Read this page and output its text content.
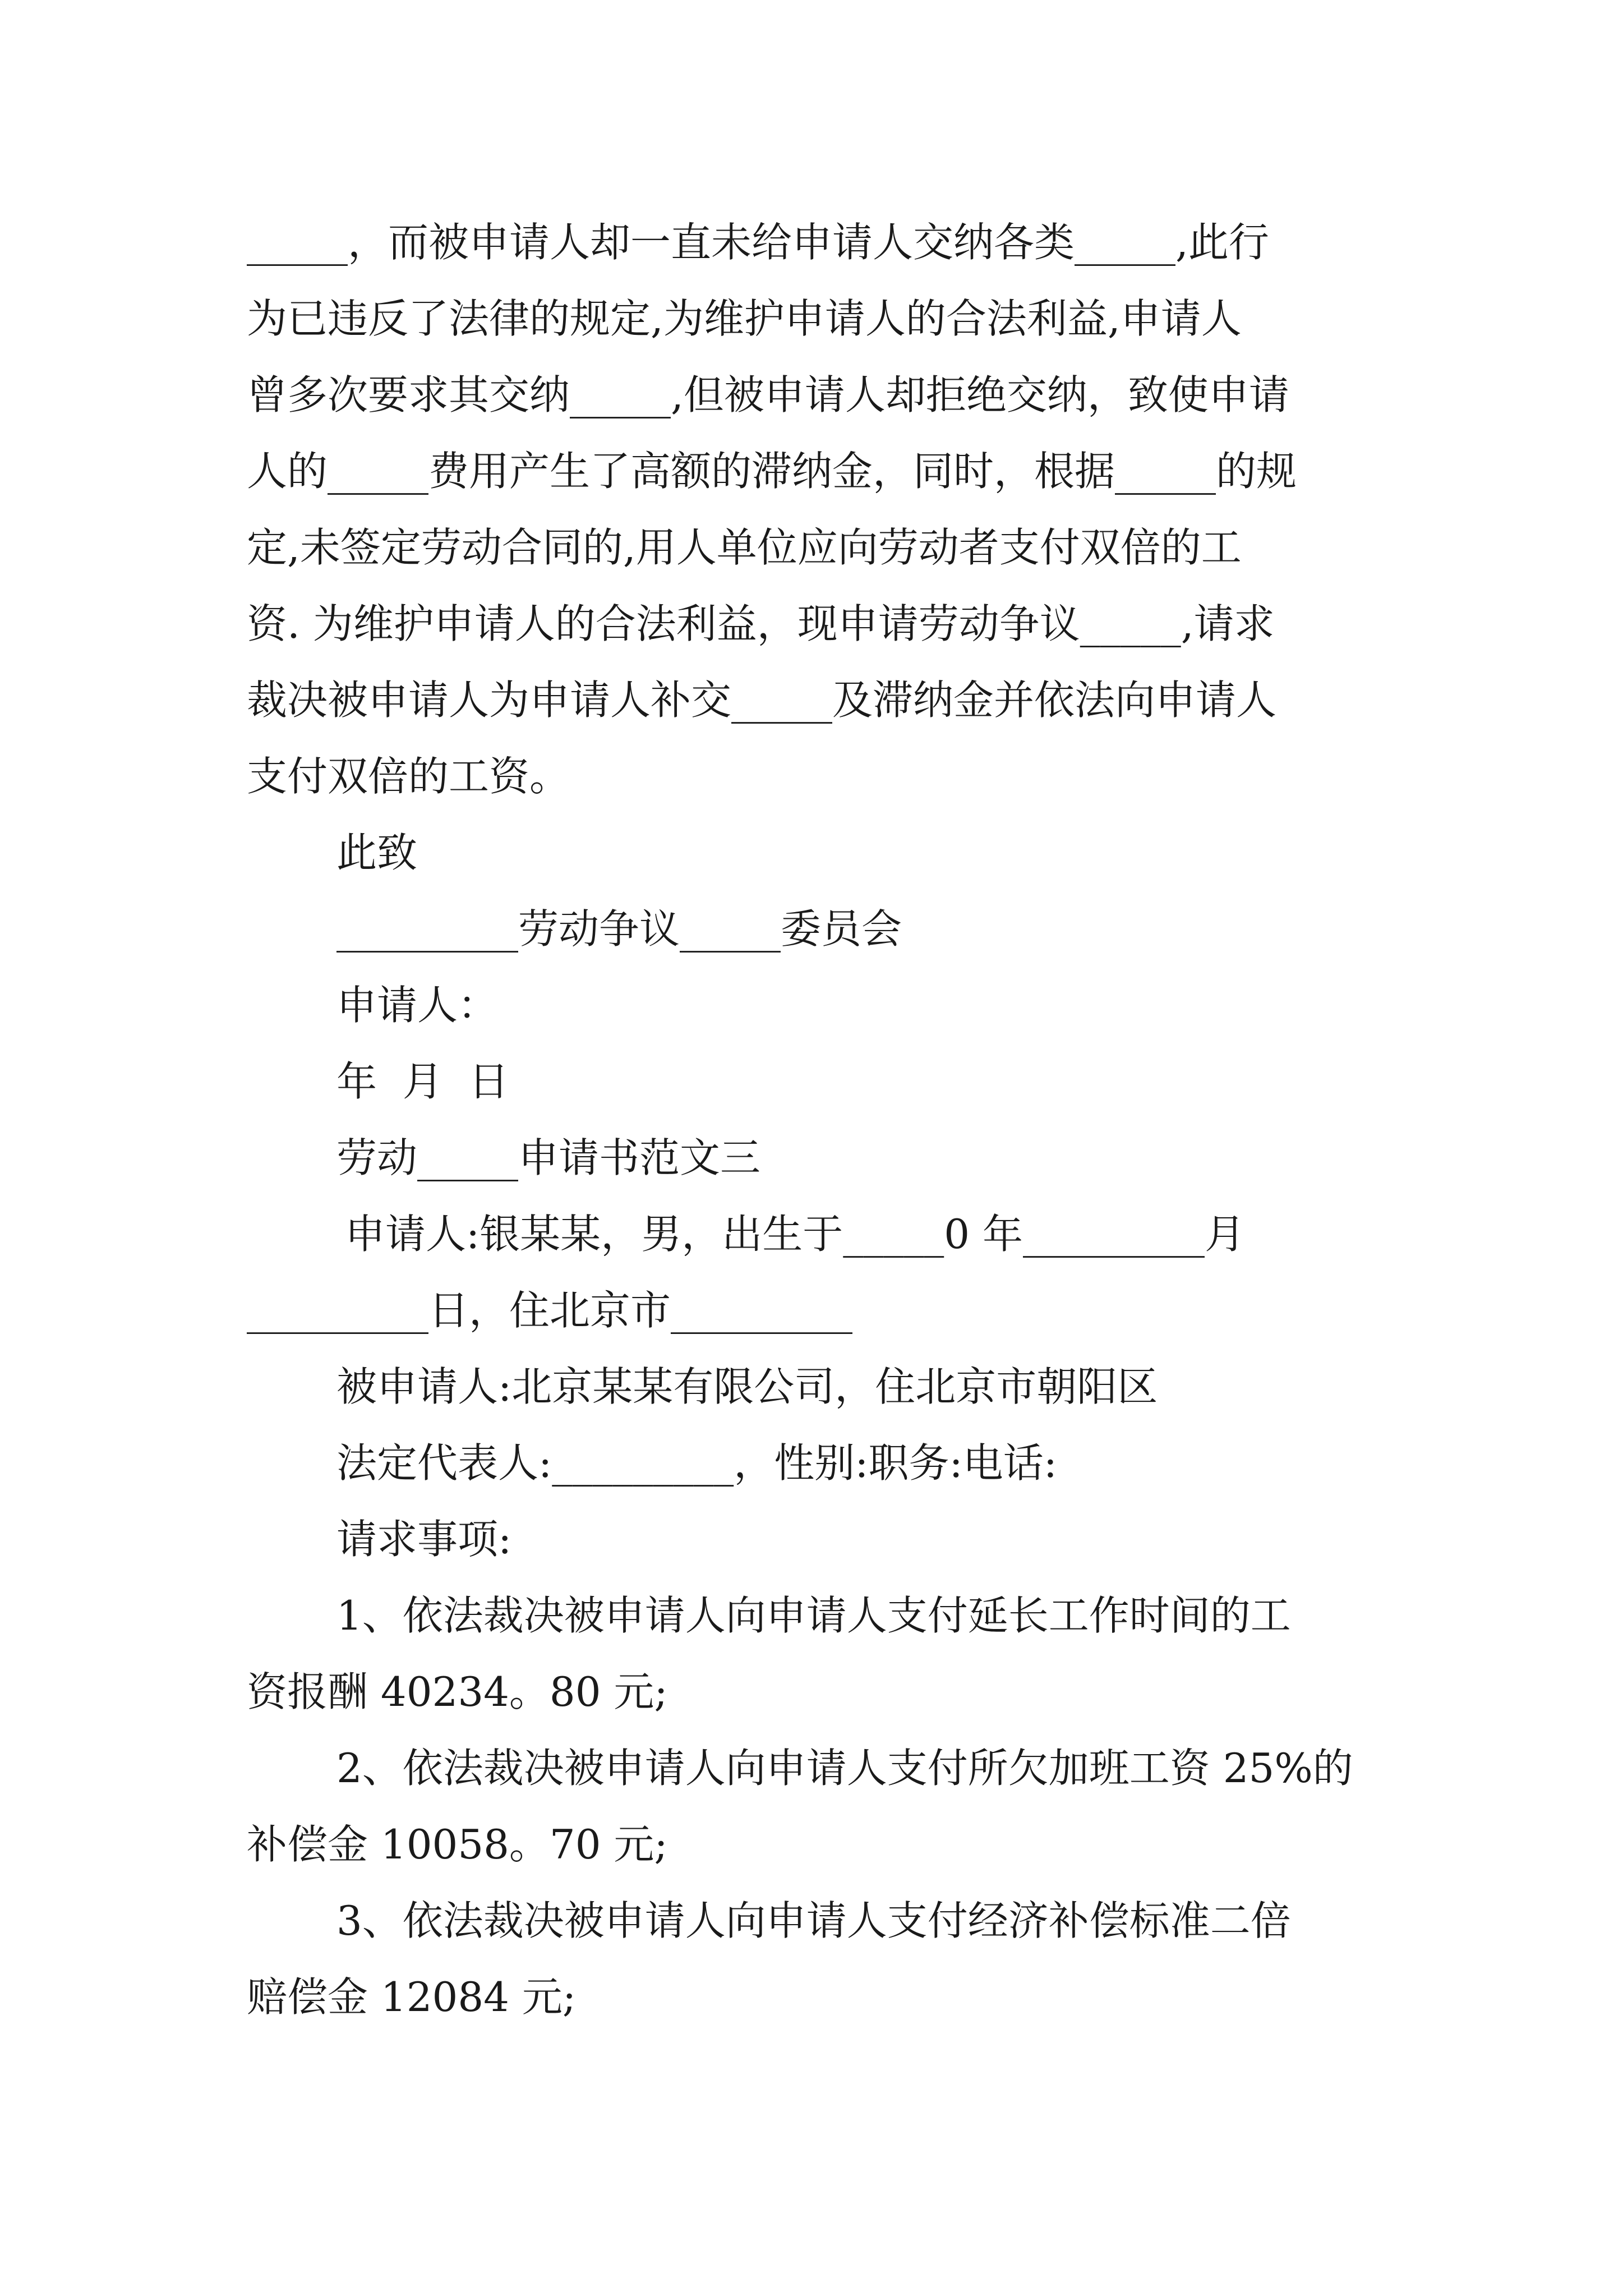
_____，而被申请人却一直未给申请人交纳各类_____,此行
为已违反了法律的规定,为维护申请人的合法利益,申请人
曾多次要求其交纳_____,但被申请人却拒绝交纳，致使申请
人的_____费用产生了高额的滞纳金，同时，根据_____的规
定,未签定劳动合同的,用人单位应向劳动者支付双倍的工
资. 为维护申请人的合法利益，现申请劳动争议_____,请求
裁决被申请人为申请人补交_____及滞纳金并依法向申请人
支付双倍的工资。
此致
_________劳动争议_____委员会
申请人：
年  月  日
劳动_____申请书范文三
申请人:银某某，男，出生于_____0 年_________月
_________日，住北京市_________
被申请人:北京某某有限公司，住北京市朝阳区
法定代表人:_________，性别:职务:电话:
请求事项:
1、依法裁决被申请人向申请人支付延长工作时间的工
资报酬 40234。80 元;
2、依法裁决被申请人向申请人支付所欠加班工资 25%的
补偿金 10058。70 元;
3、依法裁决被申请人向申请人支付经济补偿标准二倍
赔偿金 12084 元;
